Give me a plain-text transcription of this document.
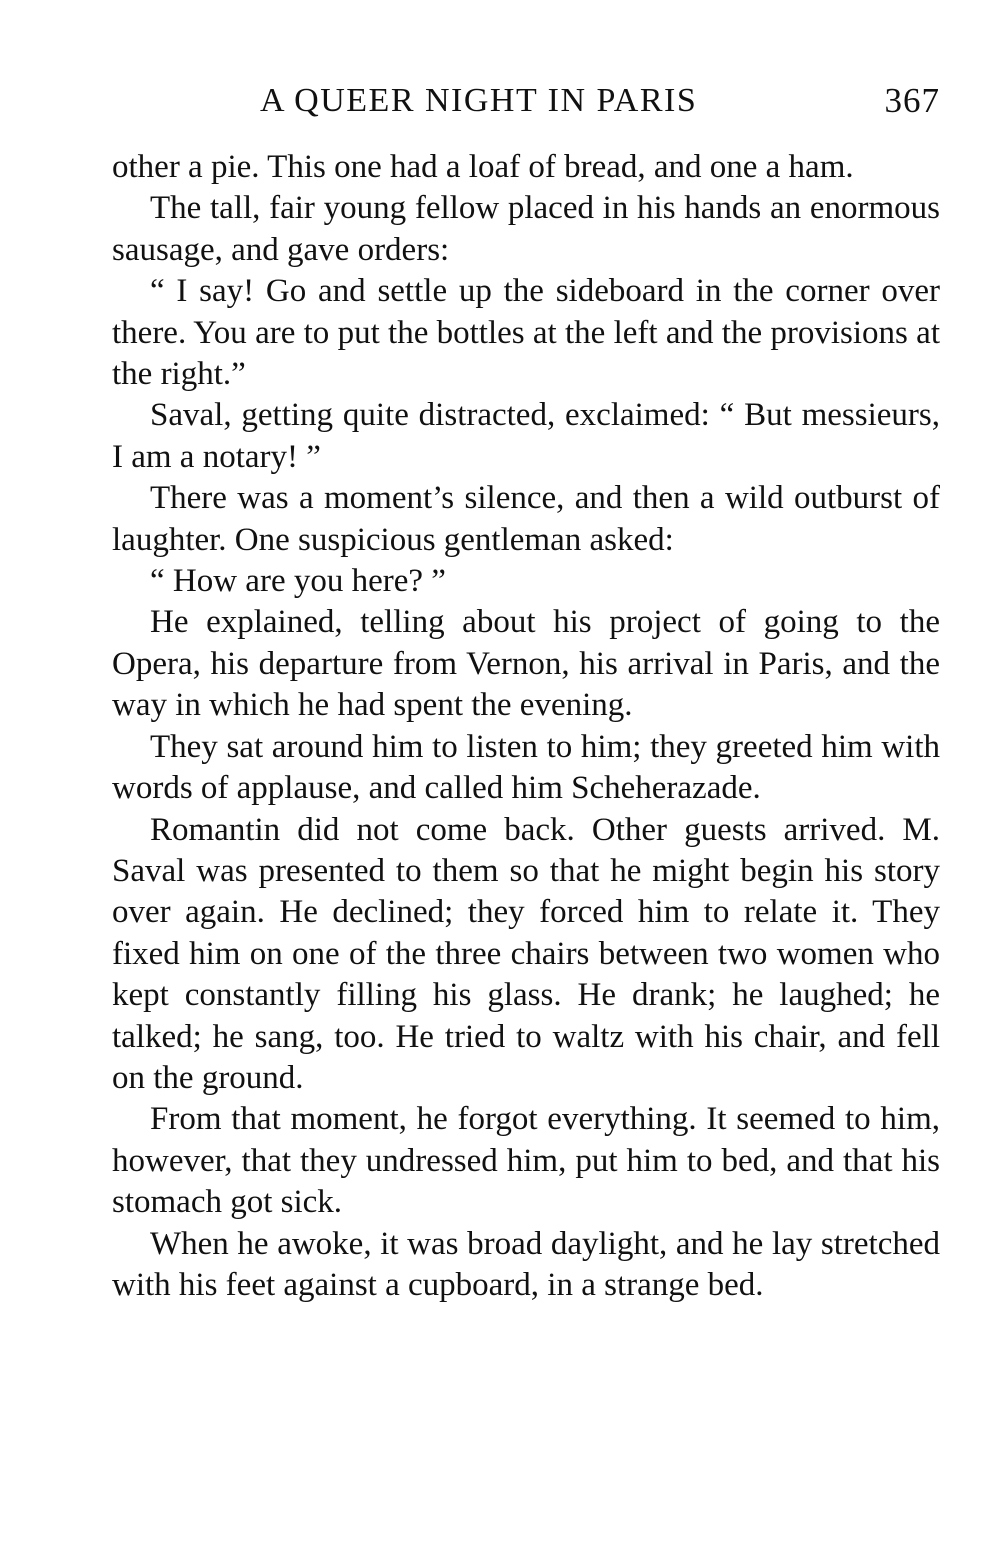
A QUEER NIGHT IN PARIS	367

other a pie. This one had a loaf of bread, and one a ham.

The tall, fair young fellow placed in his hands an enormous sausage, and gave orders:

“ I say! Go and settle up the sideboard in the corner over there. You are to put the bottles at the left and the provisions at the right.”

Saval, getting quite distracted, exclaimed: “ But messieurs, I am a notary! ”

There was a moment’s silence, and then a wild outburst of laughter. One suspicious gentleman asked:

“ How are you here? ”

He explained, telling about his project of going to the Opera, his departure from Vernon, his arrival in Paris, and the way in which he had spent the evening.

They sat around him to listen to him; they greeted him with words of applause, and called him Scheherazade.

Romantin did not come back. Other guests arrived. M. Saval was presented to them so that he might begin his story over again. He declined; they forced him to relate it. They fixed him on one of the three chairs between two women who kept constantly filling his glass. He drank; he laughed; he talked; he sang, too. He tried to waltz with his chair, and fell on the ground.

From that moment, he forgot everything. It seemed to him, however, that they undressed him, put him to bed, and that his stomach got sick.

When he awoke, it was broad daylight, and he lay stretched with his feet against a cupboard, in a strange bed.
